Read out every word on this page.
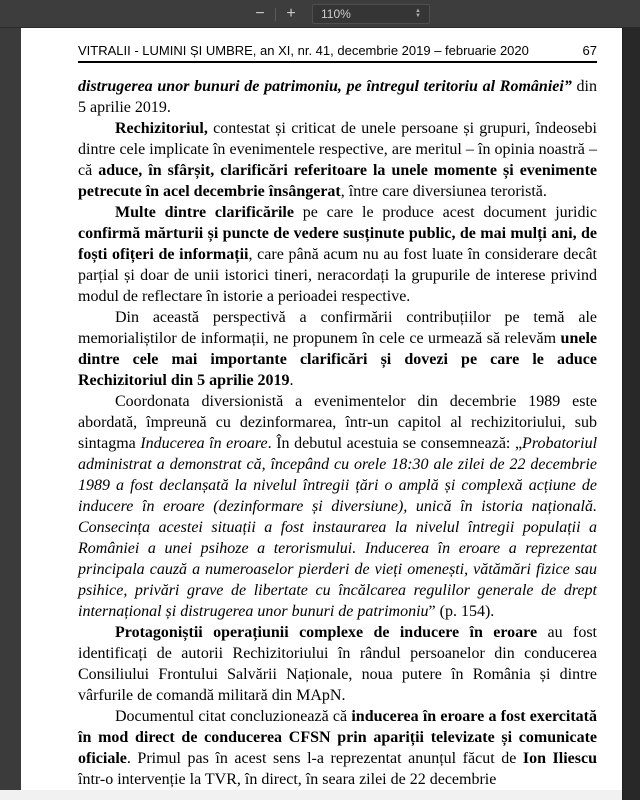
−	+	110%	▲
▼
VITRALII - LUMINI ȘI UMBRE, an XI, nr. 41, decembrie 2019 – februarie 2020	67

distrugerea unor bunuri de patrimoniu, pe întregul teritoriu al României” din 5 aprilie 2019.

Rechizitoriul, contestat și criticat de unele persoane și grupuri, îndeosebi dintre cele implicate în evenimentele respective, are meritul – în opinia noastră – că aduce, în sfârșit, clarificări referitoare la unele momente și evenimente petrecute în acel decembrie însângerat, între care diversiunea teroristă.

Multe dintre clarificările pe care le produce acest document juridic confirmă mărturii și puncte de vedere susținute public, de mai mulți ani, de foști ofițeri de informații, care până acum nu au fost luate în considerare decât parțial și doar de unii istorici tineri, neracordați la grupurile de interese privind modul de reflectare în istorie a perioadei respective.

Din această perspectivă a confirmării contribuțiilor pe temă ale memorialiștilor de informații, ne propunem în cele ce urmează să relevăm unele dintre cele mai importante clarificări și dovezi pe care le aduce Rechizitoriul din 5 aprilie 2019.

Coordonata diversionistă a evenimentelor din decembrie 1989 este abordată, împreună cu dezinformarea, într-un capitol al rechizitoriului, sub sintagma Inducerea în eroare. În debutul acestuia se consemnează: „Probatoriul administrat a demonstrat că, începând cu orele 18:30 ale zilei de 22 decembrie 1989 a fost declanșată la nivelul întregii țări o amplă și complexă acțiune de inducere în eroare (dezinformare și diversiune), unică în istoria națională. Consecința acestei situații a fost instaurarea la nivelul întregii populații a României a unei psihoze a terorismului. Inducerea în eroare a reprezentat principala cauză a numeroaselor pierderi de vieți omenești, vătămări fizice sau psihice, privări grave de libertate cu încălcarea regulilor generale de drept internațional și distrugerea unor bunuri de patrimoniu” (p. 154).

Protagoniștii operațiunii complexe de inducere în eroare au fost identificați de autorii Rechizitoriului în rândul persoanelor din conducerea Consiliului Frontului Salvării Naționale, noua putere în România și dintre vârfurile de comandă militară din MApN.

Documentul citat concluzionează că inducerea în eroare a fost exercitată în mod direct de conducerea CFSN prin apariții televizate și comunicate oficiale. Primul pas în acest sens l-a reprezentat anunțul făcut de Ion Iliescu într-o intervenție la TVR, în direct, în seara zilei de 22 decembrie
